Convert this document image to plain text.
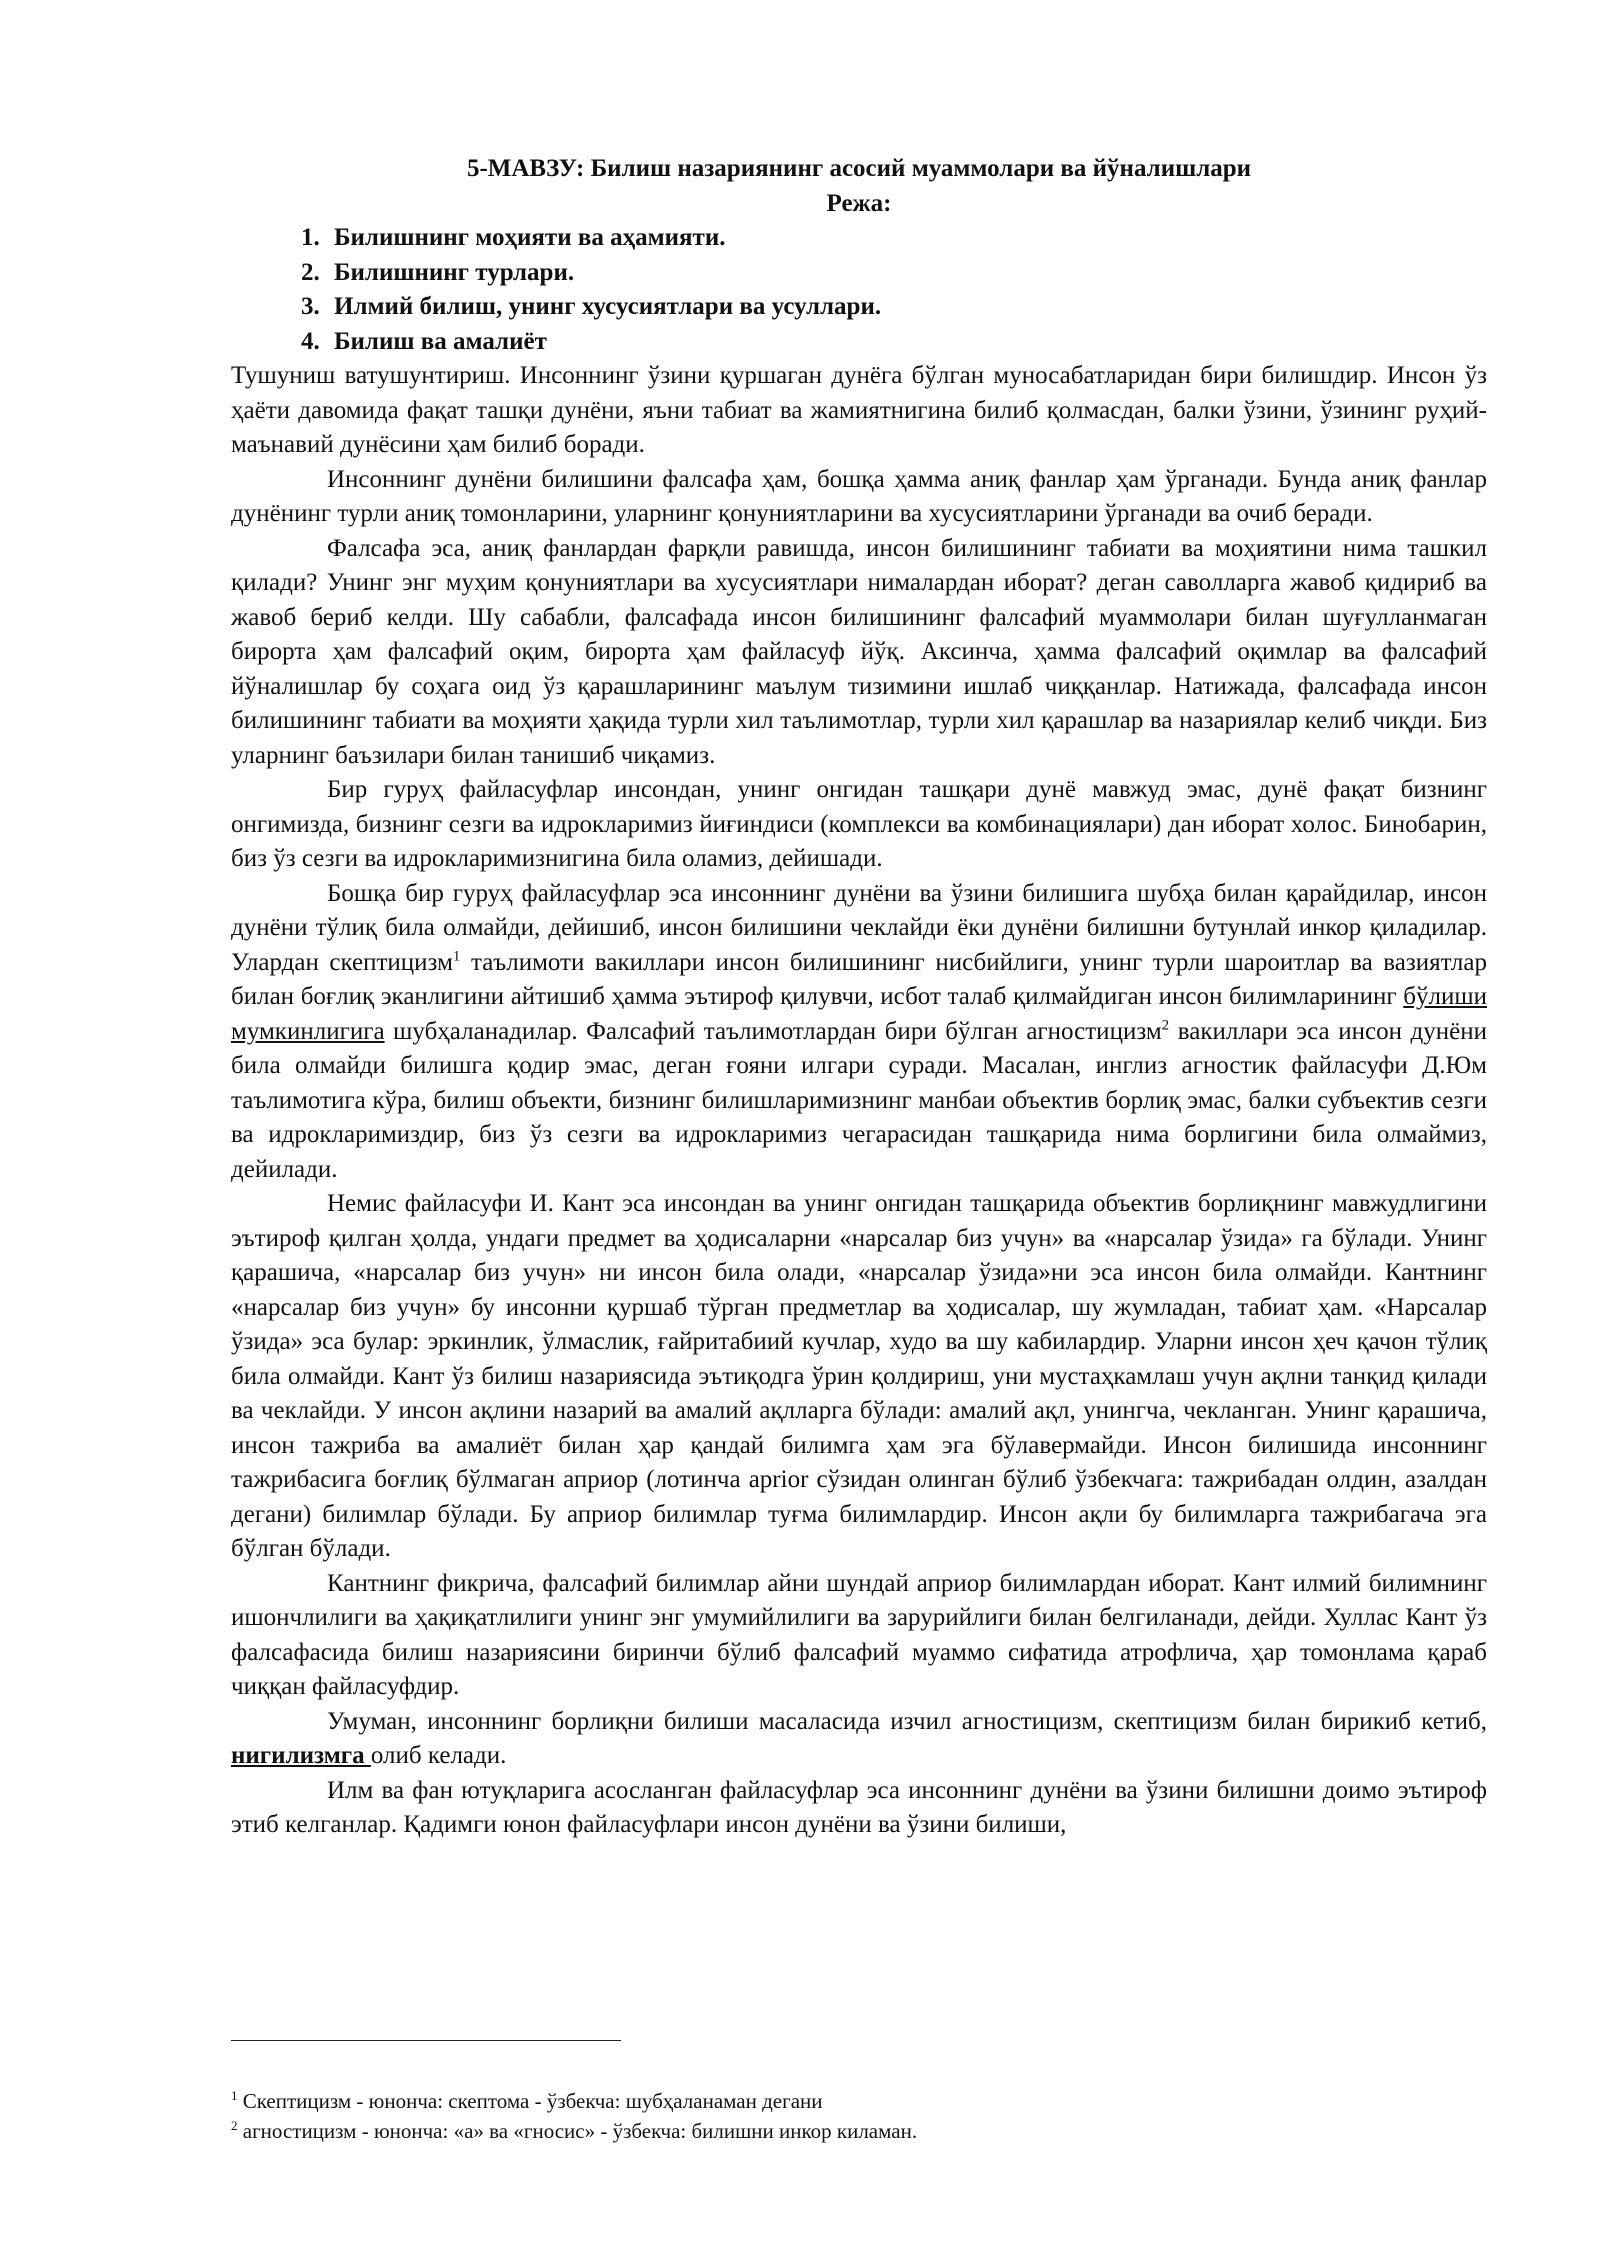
5-МАВЗУ: Билиш назариянинг асосий муаммолари ва йўналишлари
Режа:
1. Билишнинг моҳияти ва аҳамияти.
2. Билишнинг турлари.
3. Илмий билиш, унинг хусусиятлари ва усуллари.
4. Билиш ва амалиёт

Тушуниш ватушунтириш. Инсоннинг ўзини қуршаган дунёга бўлган муносабатларидан бири билишдир. Инсон ўз ҳаёти давомида фақат ташқи дунёни, яъни табиат ва жамиятнигина билиб қолмасдан, балки ўзини, ўзининг руҳий-маънавий дунёсини ҳам билиб боради.

Инсоннинг дунёни билишини фалсафа ҳам, бошқа ҳамма аниқ фанлар ҳам ўрганади. Бунда аниқ фанлар дунёнинг турли аниқ томонларини, уларнинг қонуниятларини ва хусусиятларини ўрганади ва очиб беради.

Фалсафа эса, аниқ фанлардан фарқли равишда, инсон билишининг табиати ва моҳиятини нима ташкил қилади? Унинг энг муҳим қонуниятлари ва хусусиятлари нималардан иборат? деган саволларга жавоб қидириб ва жавоб бериб келди. Шу сабабли, фалсафада инсон билишининг фалсафий муаммолари билан шуғулланмаган бирорта ҳам фалсафий оқим, бирорта ҳам файласуф йўқ. Аксинча, ҳамма фалсафий оқимлар ва фалсафий йўналишлар бу соҳага оид ўз қарашларининг маълум тизимини ишлаб чиққанлар. Натижада, фалсафада инсон билишининг табиати ва моҳияти ҳақида турли хил таълимотлар, турли хил қарашлар ва назариялар келиб чиқди. Биз уларнинг баъзилари билан танишиб чиқамиз.

Бир гуруҳ файласуфлар инсондан, унинг онгидан ташқари дунё мавжуд эмас, дунё фақат бизнинг онгимизда, бизнинг сезги ва идрокларимиз йиғиндиси (комплекси ва комбинациялари) дан иборат холос. Бинобарин, биз ўз сезги ва идрокларимизнигина била оламиз, дейишади.

Бошқа бир гуруҳ файласуфлар эса инсоннинг дунёни ва ўзини билишига шубҳа билан қарайдилар, инсон дунёни тўлиқ била олмайди, дейишиб, инсон билишини чеклайди ёки дунёни билишни бутунлай инкор қиладилар. Улардан скептицизм$^1$ таълимоти вакиллари инсон билишининг нисбийлиги, унинг турли шароитлар ва вазиятлар билан боғлиқ эканлигини айтишиб ҳамма эътироф қилувчи, исбот талаб қилмайдиган инсон билимларининг бўлиши мумкинлигига шубҳаланадилар. Фалсафий таълимотлардан бири бўлган агностицизм$^2$ вакиллари эса инсон дунёни била олмайди билишга қодир эмас, деган ғояни илгари суради. Масалан, инглиз агностик файласуфи Д.Юм таълимотига кўра, билиш объекти, бизнинг билишларимизнинг манбаи объектив борлиқ эмас, балки субъектив сезги ва идрокларимиздир, биз ўз сезги ва идрокларимиз чегарасидан ташқарида нима борлигини била олмаймиз, дейилади.

Немис файласуфи И. Кант эса инсондан ва унинг онгидан ташқарида объектив борлиқнинг мавжудлигини эътироф қилган ҳолда, ундаги предмет ва ҳодисаларни «нарсалар биз учун» ва «нарсалар ўзида» га бўлади. Унинг қарашича, «нарсалар биз учун» ни инсон била олади, «нарсалар ўзида»ни эса инсон била олмайди. Кантнинг «нарсалар биз учун» бу инсонни қуршаб тўрган предметлар ва ҳодисалар, шу жумладан, табиат ҳам. «Нарсалар ўзида» эса булар: эркинлик, ўлмаслик, ғайритабиий кучлар, худо ва шу кабилардир. Уларни инсон ҳеч қачон тўлиқ била олмайди. Кант ўз билиш назариясида эътиқодга ўрин қолдириш, уни мустаҳкамлаш учун ақлни танқид қилади ва чеклайди. У инсон ақлини назарий ва амалий ақлларга бўлади: амалий ақл, унингча, чекланган. Унинг қарашича, инсон тажриба ва амалиёт билан ҳар қандай билимга ҳам эга бўлавермайди. Инсон билишида инсоннинг тажрибасига боғлиқ бўлмаган априор (лотинча aprior сўзидан олинган бўлиб ўзбекчага: тажрибадан олдин, азалдан дегани) билимлар бўлади. Бу априор билимлар туғма билимлардир. Инсон ақли бу билимларга тажрибагача эга бўлган бўлади.

Кантнинг фикрича, фалсафий билимлар айни шундай априор билимлардан иборат. Кант илмий билимнинг ишончлилиги ва ҳақиқатлилиги унинг энг умумийлилиги ва зарурийлиги билан белгиланади, дейди. Хуллас Кант ўз фалсафасида билиш назариясини биринчи бўлиб фалсафий муаммо сифатида атрофлича, ҳар томонлама қараб чиққан файласуфдир.

Умуман, инсоннинг борлиқни билиши масаласида изчил агностицизм, скептицизм билан бирикиб кетиб, нигилизмга олиб келади.

Илм ва фан ютуқларига асосланган файласуфлар эса инсоннинг дунёни ва ўзини билишни доимо эътироф этиб келганлар. Қадимги юнон файласуфлари инсон дунёни ва ўзини билиши,

$^1$ Скептицизм - юнонча: скептома - ўзбекча: шубҳаланаман дегани
$^2$ агностицизм - юнонча: «а» ва «гносис» - ўзбекча: билишни инкор киламан.
